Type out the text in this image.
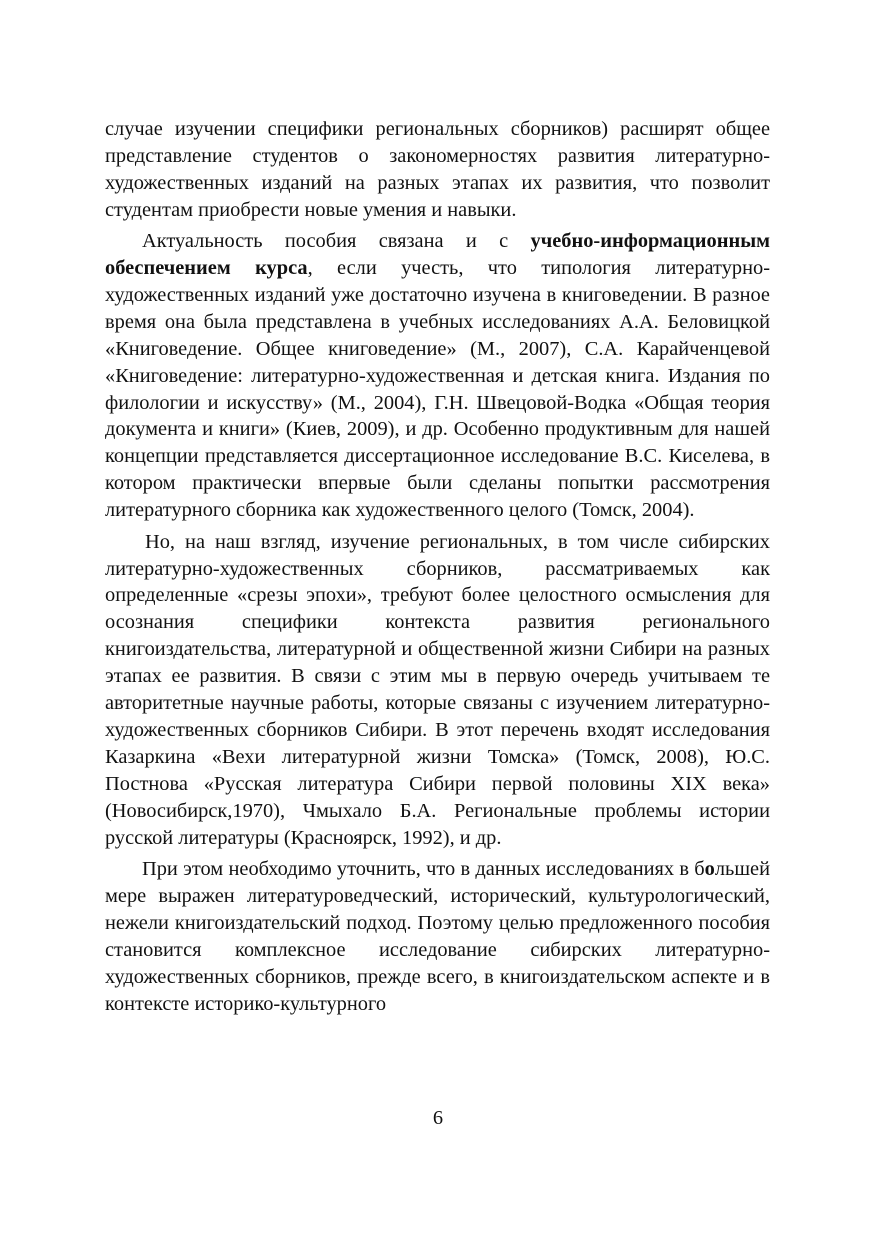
случае изучении специфики региональных сборников) расширят общее представление студентов о закономерностях развития литературно-художественных изданий на разных этапах их развития, что позволит студентам приобрести новые умения и навыки.

Актуальность пособия связана и с учебно-информационным обеспечением курса, если учесть, что типология литературно-художественных изданий уже достаточно изучена в книговедении. В разное время она была представлена в учебных исследованиях А.А. Беловицкой «Книговедение. Общее книговедение» (М., 2007), С.А. Карайченцевой «Книговедение: литературно-художественная и детская книга. Издания по филологии и искусству» (М., 2004), Г.Н. Швецовой-Водка «Общая теория документа и книги» (Киев, 2009), и др. Особенно продуктивным для нашей концепции представляется диссертационное исследование В.С. Киселева, в котором практически впервые были сделаны попытки рассмотрения литературного сборника как художественного целого (Томск, 2004).

Но, на наш взгляд, изучение региональных, в том числе сибирских литературно-художественных сборников, рассматриваемых как определенные «срезы эпохи», требуют более целостного осмысления для осознания специфики контекста развития регионального книгоиздательства, литературной и общественной жизни Сибири на разных этапах ее развития. В связи с этим мы в первую очередь учитываем те авторитетные научные работы, которые связаны с изучением литературно-художественных сборников Сибири. В этот перечень входят исследования Казаркина «Вехи литературной жизни Томска» (Томск, 2008), Ю.С. Постнова «Русская литература Сибири первой половины XIX века» (Новосибирск,1970), Чмыхало Б.А. Региональные проблемы истории русской литературы (Красноярск, 1992), и др.

При этом необходимо уточнить, что в данных исследованиях в большей мере выражен литературоведческий, исторический, культурологический, нежели книгоиздательский подход. Поэтому целью предложенного пособия становится комплексное исследование сибирских литературно-художественных сборников, прежде всего, в книгоиздательском аспекте и в контексте историко-культурного

6
